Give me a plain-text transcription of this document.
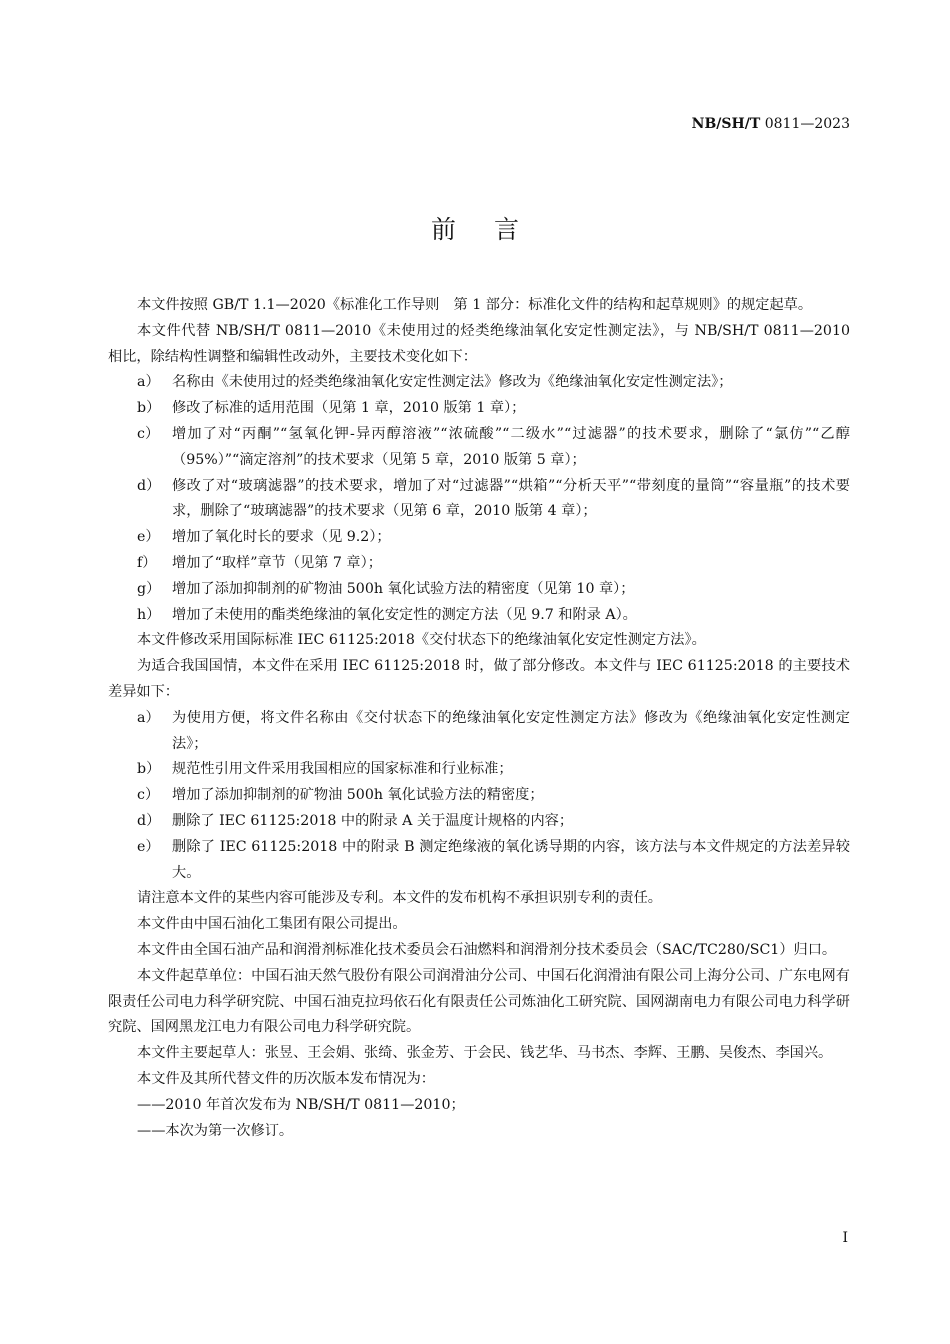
NB/SH/T 0811—2023
前言

本文件按照 GB/T 1.1—2020《标准化工作导则　第 1 部分：标准化文件的结构和起草规则》的规定起草。

本文件代替 NB/SH/T 0811—2010《未使用过的烃类绝缘油氧化安定性测定法》，与 NB/SH/T 0811—2010 相比，除结构性调整和编辑性改动外，主要技术变化如下：

a） 名称由《未使用过的烃类绝缘油氧化安定性测定法》修改为《绝缘油氧化安定性测定法》；
b） 修改了标准的适用范围（见第 1 章，2010 版第 1 章）；
c） 增加了对“丙酮”“氢氧化钾-异丙醇溶液”“浓硫酸”“二级水”“过滤器”的技术要求，删除了“氯仿”“乙醇（95%）”“滴定溶剂”的技术要求（见第 5 章，2010 版第 5 章）；
d） 修改了对“玻璃滤器”的技术要求，增加了对“过滤器”“烘箱”“分析天平”“带刻度的量筒”“容量瓶”的技术要求，删除了“玻璃滤器”的技术要求（见第 6 章，2010 版第 4 章）；
e） 增加了氧化时长的要求（见 9.2）；
f）	增加了“取样”章节（见第 7 章）；
g） 增加了添加抑制剂的矿物油 500h 氧化试验方法的精密度（见第 10 章）；
h） 增加了未使用的酯类绝缘油的氧化安定性的测定方法（见 9.7 和附录 A）。

本文件修改采用国际标准 IEC 61125:2018《交付状态下的绝缘油氧化安定性测定方法》。

为适合我国国情，本文件在采用 IEC 61125:2018 时，做了部分修改。本文件与 IEC 61125:2018 的主要技术差异如下：

a） 为使用方便，将文件名称由《交付状态下的绝缘油氧化安定性测定方法》修改为《绝缘油氧化安定性测定法》；
b） 规范性引用文件采用我国相应的国家标准和行业标准；
c） 增加了添加抑制剂的矿物油 500h 氧化试验方法的精密度；
d） 删除了 IEC 61125:2018 中的附录 A 关于温度计规格的内容；
e） 删除了 IEC 61125:2018 中的附录 B 测定绝缘液的氧化诱导期的内容，该方法与本文件规定的方法差异较大。

请注意本文件的某些内容可能涉及专利。本文件的发布机构不承担识别专利的责任。

本文件由中国石油化工集团有限公司提出。

本文件由全国石油产品和润滑剂标准化技术委员会石油燃料和润滑剂分技术委员会（SAC/TC280/SC1）归口。

本文件起草单位：中国石油天然气股份有限公司润滑油分公司、中国石化润滑油有限公司上海分公司、广东电网有限责任公司电力科学研究院、中国石油克拉玛依石化有限责任公司炼油化工研究院、国网湖南电力有限公司电力科学研究院、国网黑龙江电力有限公司电力科学研究院。

本文件主要起草人：张昱、王会娟、张绮、张金芳、于会民、钱艺华、马书杰、李辉、王鹏、吴俊杰、李国兴。

本文件及其所代替文件的历次版本发布情况为：

——2010 年首次发布为 NB/SH/T 0811—2010；

——本次为第一次修订。

I
